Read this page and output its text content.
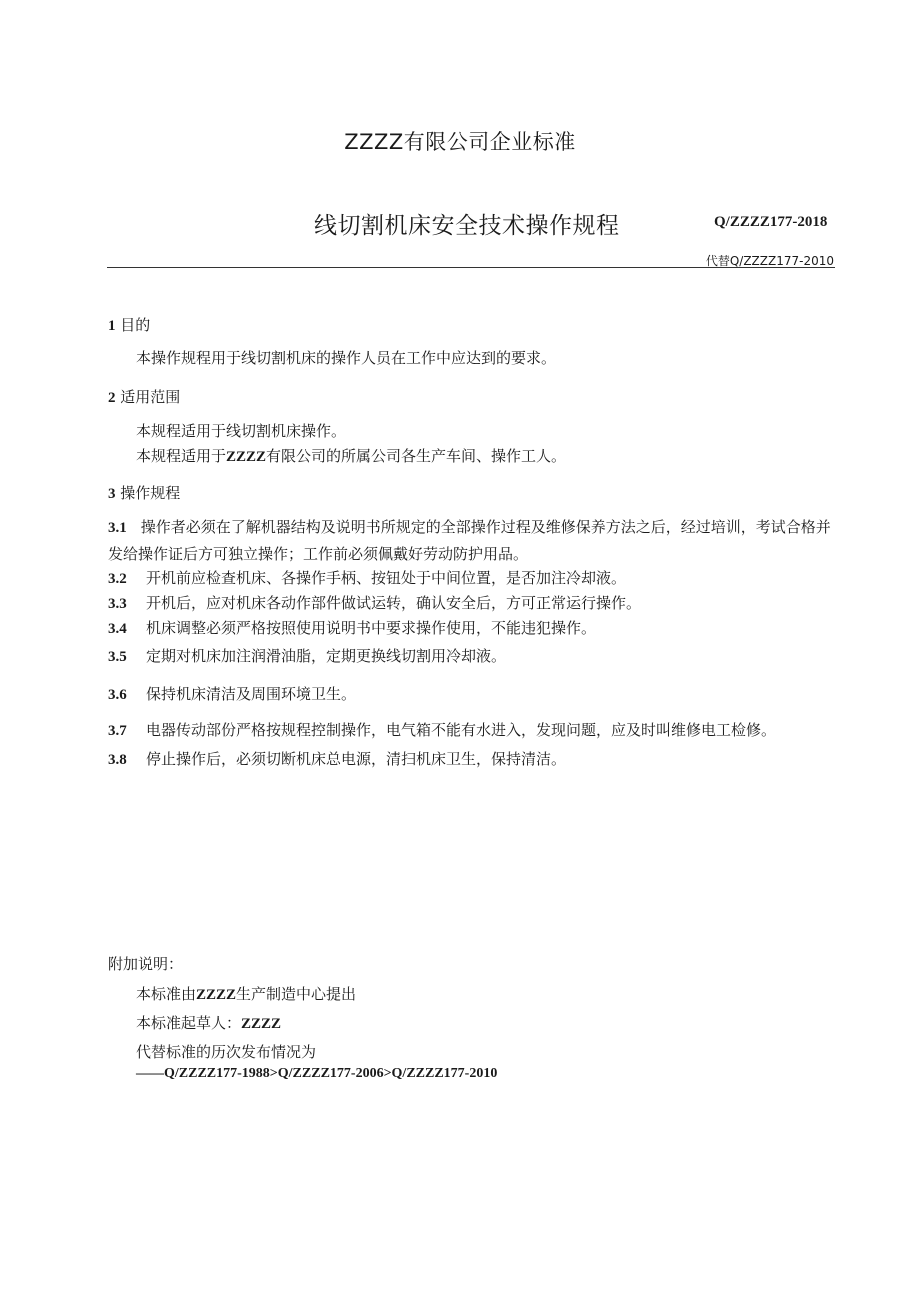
ZZZZ有限公司企业标准
线切割机床安全技术操作规程	Q/ZZZZ177-2018
代替Q/ZZZZ177-2010
1 目的
本操作规程用于线切割机床的操作人员在工作中应达到的要求。
2 适用范围
本规程适用于线切割机床操作。
本规程适用于ZZZZ有限公司的所属公司各生产车间、操作工人。
3 操作规程
3.1 操作者必须在了解机器结构及说明书所规定的全部操作过程及维修保养方法之后，经过培训，考试合格并发给操作证后方可独立操作；工作前必须佩戴好劳动防护用品。
3.2 开机前应检查机床、各操作手柄、按钮处于中间位置，是否加注冷却液。
3.3 开机后，应对机床各动作部件做试运转，确认安全后，方可正常运行操作。
3.4 机床调整必须严格按照使用说明书中要求操作使用，不能违犯操作。
3.5 定期对机床加注润滑油脂，定期更换线切割用冷却液。
3.6 保持机床清洁及周围环境卫生。
3.7 电器传动部份严格按规程控制操作，电气箱不能有水进入，发现问题，应及时叫维修电工检修。
3.8 停止操作后，必须切断机床总电源，清扫机床卫生，保持清洁。
附加说明：
本标准由ZZZZ生产制造中心提出
本标准起草人：ZZZZ
代替标准的历次发布情况为
——Q/ZZZZ177-1988>Q/ZZZZ177-2006>Q/ZZZZ177-2010
